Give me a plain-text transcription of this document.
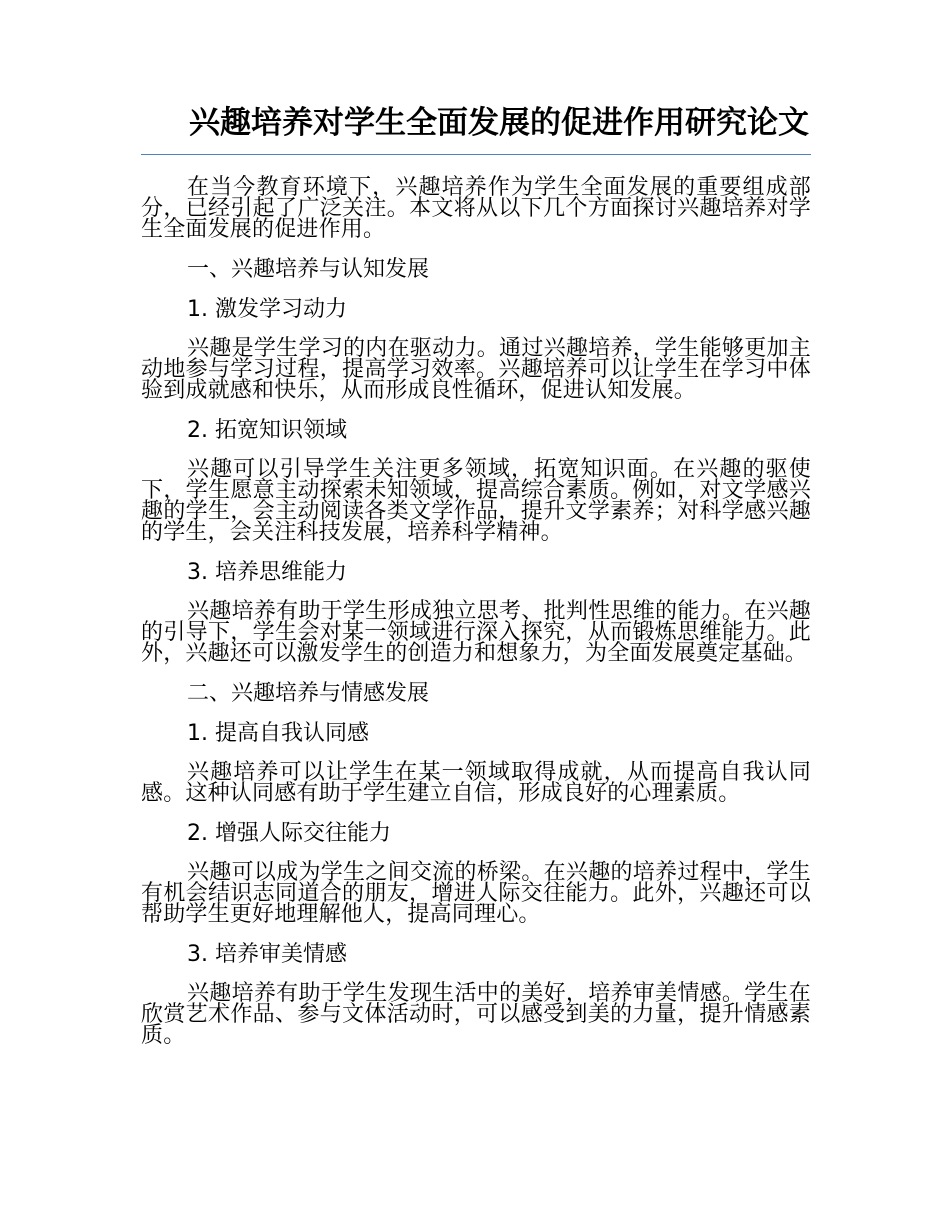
兴趣培养对学生全面发展的促进作用研究论文

在当今教育环境下，兴趣培养作为学生全面发展的重要组成部分，已经引起了广泛关注。本文将从以下几个方面探讨兴趣培养对学生全面发展的促进作用。

一、兴趣培养与认知发展
1. 激发学习动力

兴趣是学生学习的内在驱动力。通过兴趣培养，学生能够更加主动地参与学习过程，提高学习效率。兴趣培养可以让学生在学习中体验到成就感和快乐，从而形成良性循环，促进认知发展。

2. 拓宽知识领域

兴趣可以引导学生关注更多领域，拓宽知识面。在兴趣的驱使下，学生愿意主动探索未知领域，提高综合素质。例如，对文学感兴趣的学生，会主动阅读各类文学作品，提升文学素养；对科学感兴趣的学生，会关注科技发展，培养科学精神。

3. 培养思维能力

兴趣培养有助于学生形成独立思考、批判性思维的能力。在兴趣的引导下，学生会对某一领域进行深入探究，从而锻炼思维能力。此外，兴趣还可以激发学生的创造力和想象力，为全面发展奠定基础。

二、兴趣培养与情感发展
1. 提高自我认同感

兴趣培养可以让学生在某一领域取得成就，从而提高自我认同感。这种认同感有助于学生建立自信，形成良好的心理素质。

2. 增强人际交往能力

兴趣可以成为学生之间交流的桥梁。在兴趣的培养过程中，学生有机会结识志同道合的朋友，增进人际交往能力。此外，兴趣还可以帮助学生更好地理解他人，提高同理心。

3. 培养审美情感

兴趣培养有助于学生发现生活中的美好，培养审美情感。学生在欣赏艺术作品、参与文体活动时，可以感受到美的力量，提升情感素质。
